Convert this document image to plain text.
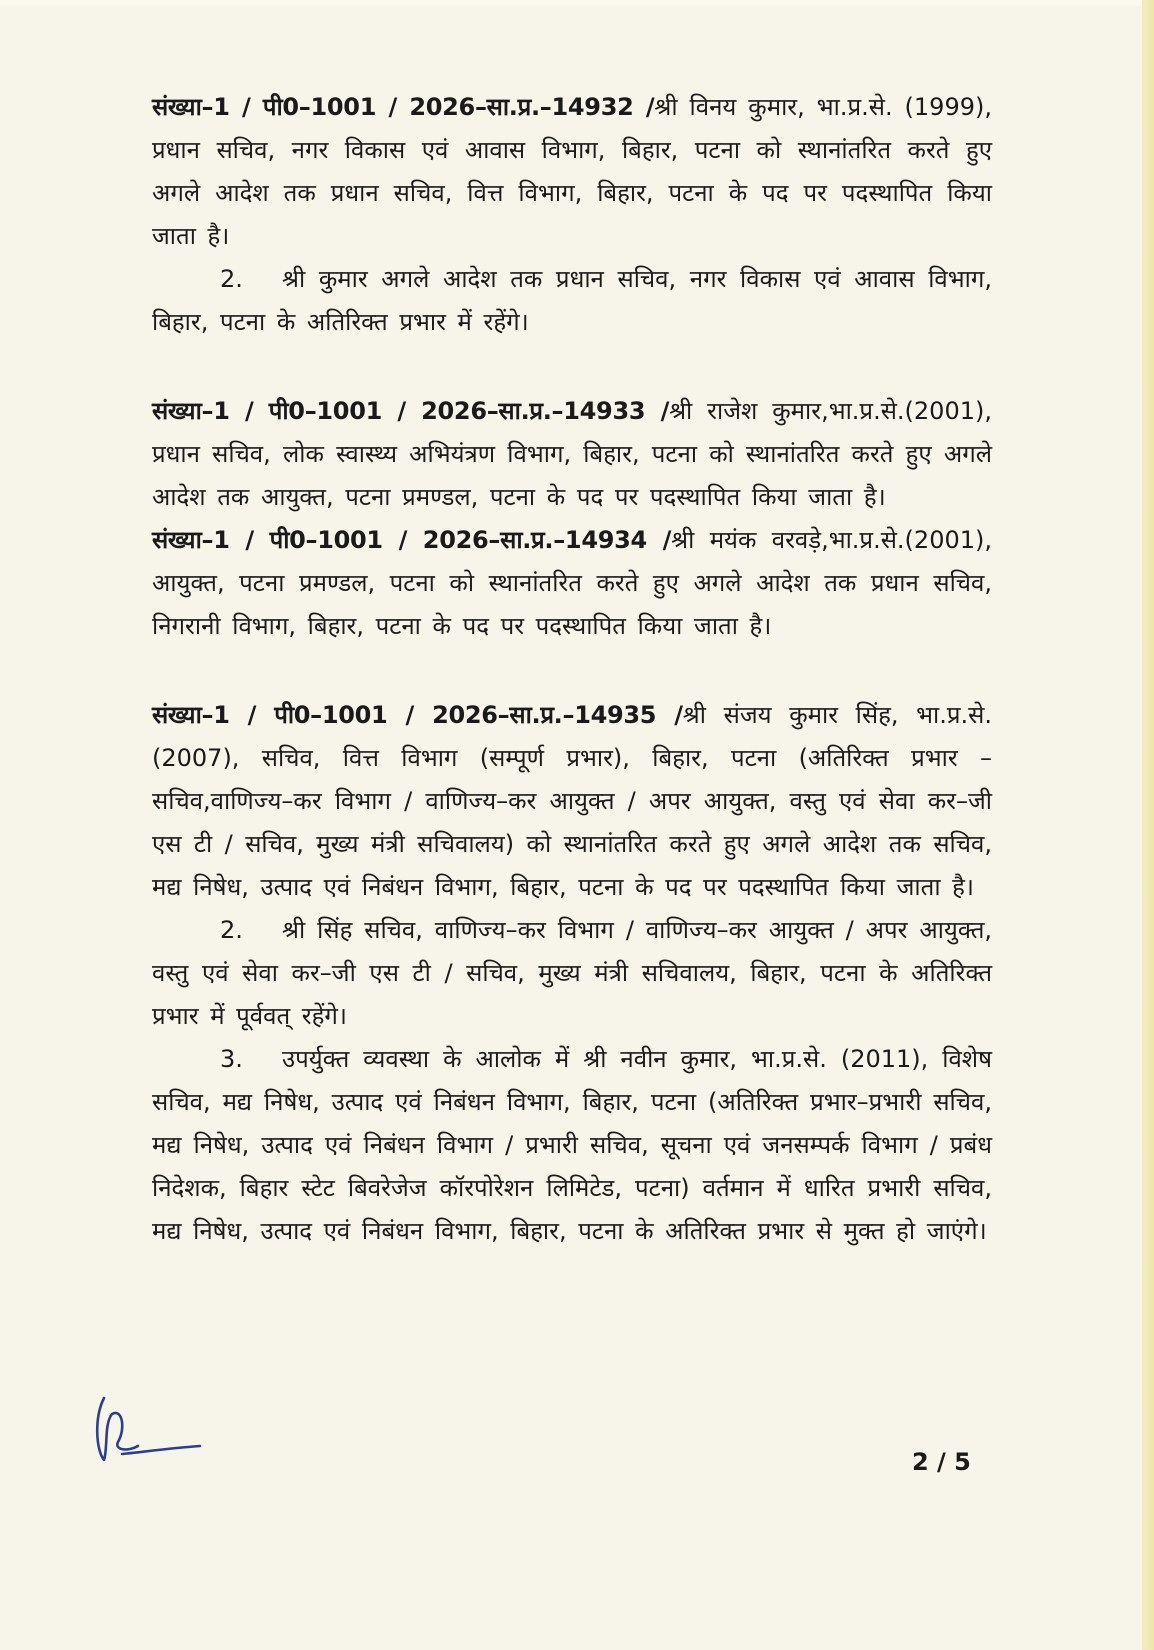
संख्या–1 / पी0–1001 / 2026–सा.प्र.–14932 /श्री विनय कुमार, भा.प्र.से. (1999), प्रधान सचिव, नगर विकास एवं आवास विभाग, बिहार, पटना को स्थानांतरित करते हुए अगले आदेश तक प्रधान सचिव, वित्त विभाग, बिहार, पटना के पद पर पदस्थापित किया जाता है।

2. श्री कुमार अगले आदेश तक प्रधान सचिव, नगर विकास एवं आवास विभाग, बिहार, पटना के अतिरिक्त प्रभार में रहेंगे।

संख्या–1 / पी0–1001 / 2026–सा.प्र.–14933 /श्री राजेश कुमार,भा.प्र.से.(2001), प्रधान सचिव, लोक स्वास्थ्य अभियंत्रण विभाग, बिहार, पटना को स्थानांतरित करते हुए अगले आदेश तक आयुक्त, पटना प्रमण्डल, पटना के पद पर पदस्थापित किया जाता है।

संख्या–1 / पी0–1001 / 2026–सा.प्र.–14934 /श्री मयंक वरवड़े,भा.प्र.से.(2001), आयुक्त, पटना प्रमण्डल, पटना को स्थानांतरित करते हुए अगले आदेश तक प्रधान सचिव, निगरानी विभाग, बिहार, पटना के पद पर पदस्थापित किया जाता है।

संख्या–1 / पी0–1001 / 2026–सा.प्र.–14935 /श्री संजय कुमार सिंह, भा.प्र.से. (2007), सचिव, वित्त विभाग (सम्पूर्ण प्रभार), बिहार, पटना (अतिरिक्त प्रभार –सचिव,वाणिज्य–कर विभाग / वाणिज्य–कर आयुक्त / अपर आयुक्त, वस्तु एवं सेवा कर–जी एस टी / सचिव, मुख्य मंत्री सचिवालय) को स्थानांतरित करते हुए अगले आदेश तक सचिव, मद्य निषेध, उत्पाद एवं निबंधन विभाग, बिहार, पटना के पद पर पदस्थापित किया जाता है।

2. श्री सिंह सचिव, वाणिज्य–कर विभाग / वाणिज्य–कर आयुक्त / अपर आयुक्त, वस्तु एवं सेवा कर–जी एस टी / सचिव, मुख्य मंत्री सचिवालय, बिहार, पटना के अतिरिक्त प्रभार में पूर्ववत् रहेंगे।

3. उपर्युक्त व्यवस्था के आलोक में श्री नवीन कुमार, भा.प्र.से. (2011), विशेष सचिव, मद्य निषेध, उत्पाद एवं निबंधन विभाग, बिहार, पटना (अतिरिक्त प्रभार–प्रभारी सचिव, मद्य निषेध, उत्पाद एवं निबंधन विभाग / प्रभारी सचिव, सूचना एवं जनसम्पर्क विभाग / प्रबंध निदेशक, बिहार स्टेट बिवरेजेज कॉरपोरेशन लिमिटेड, पटना) वर्तमान में धारित प्रभारी सचिव, मद्य निषेध, उत्पाद एवं निबंधन विभाग, बिहार, पटना के अतिरिक्त प्रभार से मुक्त हो जाएंगे।

2 / 5
